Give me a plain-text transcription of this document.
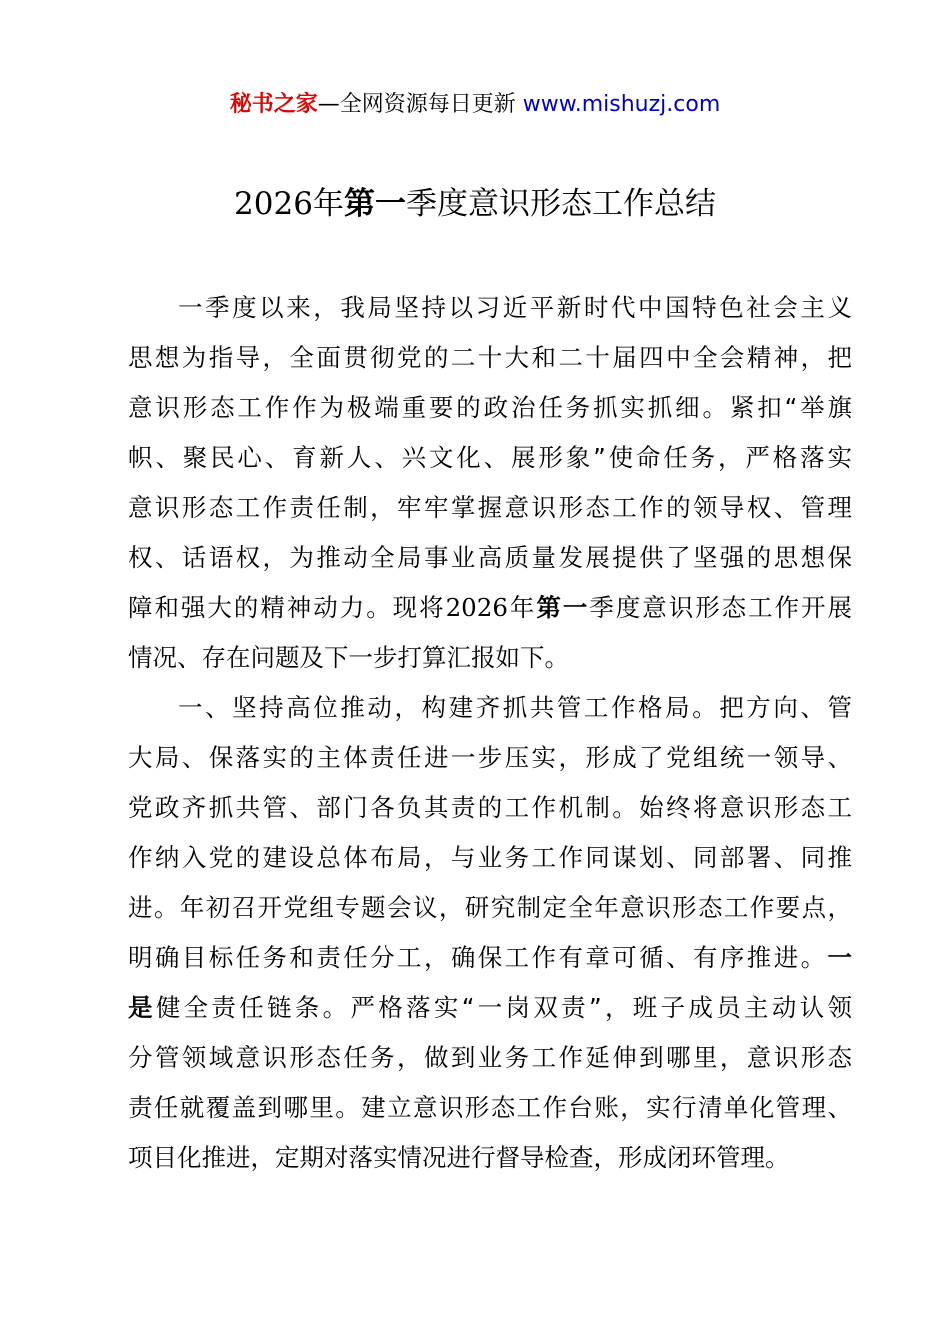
秘书之家—全网资源每日更新 www.mishuzj.com
2026年第一季度意识形态工作总结
一季度以来，我局坚持以习近平新时代中国特色社会主义
思想为指导，全面贯彻党的二十大和二十届四中全会精神，把
意识形态工作作为极端重要的政治任务抓实抓细。紧扣“举旗
帜、聚民心、育新人、兴文化、展形象”使命任务，严格落实
意识形态工作责任制，牢牢掌握意识形态工作的领导权、管理
权、话语权，为推动全局事业高质量发展提供了坚强的思想保
障和强大的精神动力。现将2026年第一季度意识形态工作开展
情况、存在问题及下一步打算汇报如下。
一、坚持高位推动，构建齐抓共管工作格局。把方向、管
大局、保落实的主体责任进一步压实，形成了党组统一领导、
党政齐抓共管、部门各负其责的工作机制。始终将意识形态工
作纳入党的建设总体布局，与业务工作同谋划、同部署、同推
进。年初召开党组专题会议，研究制定全年意识形态工作要点，
明确目标任务和责任分工，确保工作有章可循、有序推进。一
是健全责任链条。严格落实“一岗双责”，班子成员主动认领
分管领域意识形态任务，做到业务工作延伸到哪里，意识形态
责任就覆盖到哪里。建立意识形态工作台账，实行清单化管理、
项目化推进，定期对落实情况进行督导检查，形成闭环管理。
